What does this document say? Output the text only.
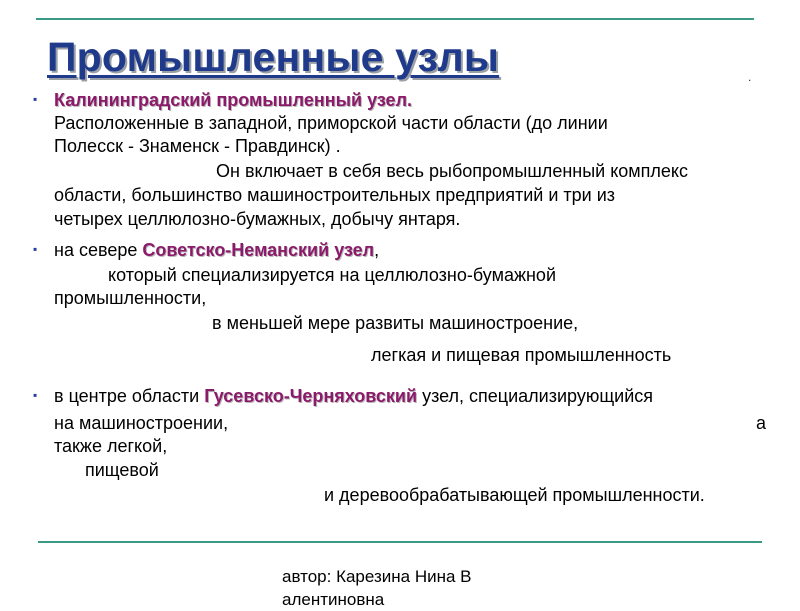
.
Промышленные узлы
▪ Калининградский промышленный узел.
Расположенные в западной, приморской части области (до линии
Полесск - Знаменск - Правдинск) .
Он включает в себя весь рыбопромышленный комплекс
области, большинство машиностроительных предприятий и три из
четырех целлюлозно-бумажных, добычу янтаря.
▪ на севере Советско-Неманский узел,
который специализируется на целлюлозно-бумажной
промышленности,
в меньшей мере развиты машиностроение,
легкая и пищевая промышленность
▪ в центре области Гусевско-Черняховский узел, специализирующийся
на машиностроении,	а
также легкой,
пищевой
и деревообрабатывающей промышленности.
автор: Карезина Нина В
алентиновна
